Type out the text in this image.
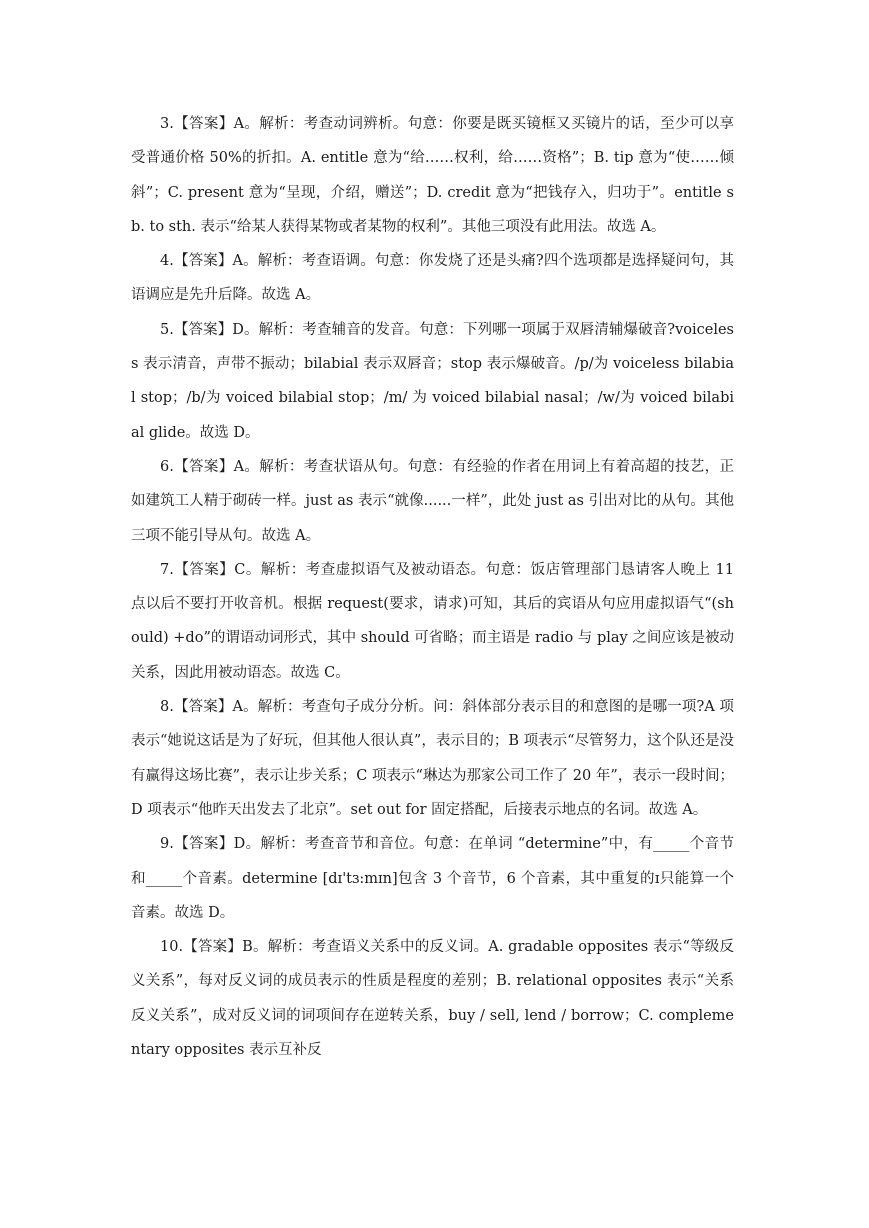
3.【答案】A。解析：考查动词辨析。句意：你要是既买镜框又买镜片的话，至少可以享受普通价格 50%的折扣。A. entitle 意为“给……权利，给……资格”；B. tip 意为“使……倾斜”；C. present 意为“呈现，介绍，赠送”；D. credit 意为“把钱存入，归功于”。entitle sb. to sth. 表示“给某人获得某物或者某物的权利”。其他三项没有此用法。故选 A。

4.【答案】A。解析：考查语调。句意：你发烧了还是头痛?四个选项都是选择疑问句，其语调应是先升后降。故选 A。

5.【答案】D。解析：考查辅音的发音。句意：下列哪一项属于双唇清辅爆破音?voiceless 表示清音，声带不振动；bilabial 表示双唇音；stop 表示爆破音。/p/为 voiceless bilabial stop；/b/为 voiced bilabial stop；/m/ 为 voiced bilabial nasal；/w/为 voiced bilabial glide。故选 D。

6.【答案】A。解析：考查状语从句。句意：有经验的作者在用词上有着高超的技艺，正如建筑工人精于砌砖一样。just as 表示“就像......一样”，此处 just as 引出对比的从句。其他三项不能引导从句。故选 A。

7.【答案】C。解析：考查虚拟语气及被动语态。句意：饭店管理部门恳请客人晚上 11 点以后不要打开收音机。根据 request(要求，请求)可知，其后的宾语从句应用虚拟语气“(should) +do”的谓语动词形式，其中 should 可省略；而主语是 radio 与 play 之间应该是被动关系，因此用被动语态。故选 C。

8.【答案】A。解析：考查句子成分分析。问：斜体部分表示目的和意图的是哪一项?A 项表示“她说这话是为了好玩，但其他人很认真”，表示目的；B 项表示“尽管努力，这个队还是没有赢得这场比赛”，表示让步关系；C 项表示“琳达为那家公司工作了 20 年”，表示一段时间；D 项表示“他昨天出发去了北京”。set out for 固定搭配，后接表示地点的名词。故选 A。

9.【答案】D。解析：考查音节和音位。句意：在单词 “determine”中，有_____个音节和_____个音素。determine [dɪ'tɜ:mɪn]包含 3 个音节，6 个音素，其中重复的ɪ只能算一个音素。故选 D。

10.【答案】B。解析：考查语义关系中的反义词。A. gradable opposites 表示“等级反义关系”，每对反义词的成员表示的性质是程度的差别；B. relational opposites 表示“关系反义关系”，成对反义词的词项间存在逆转关系，buy / sell, lend / borrow；C. complementary opposites 表示互补反
